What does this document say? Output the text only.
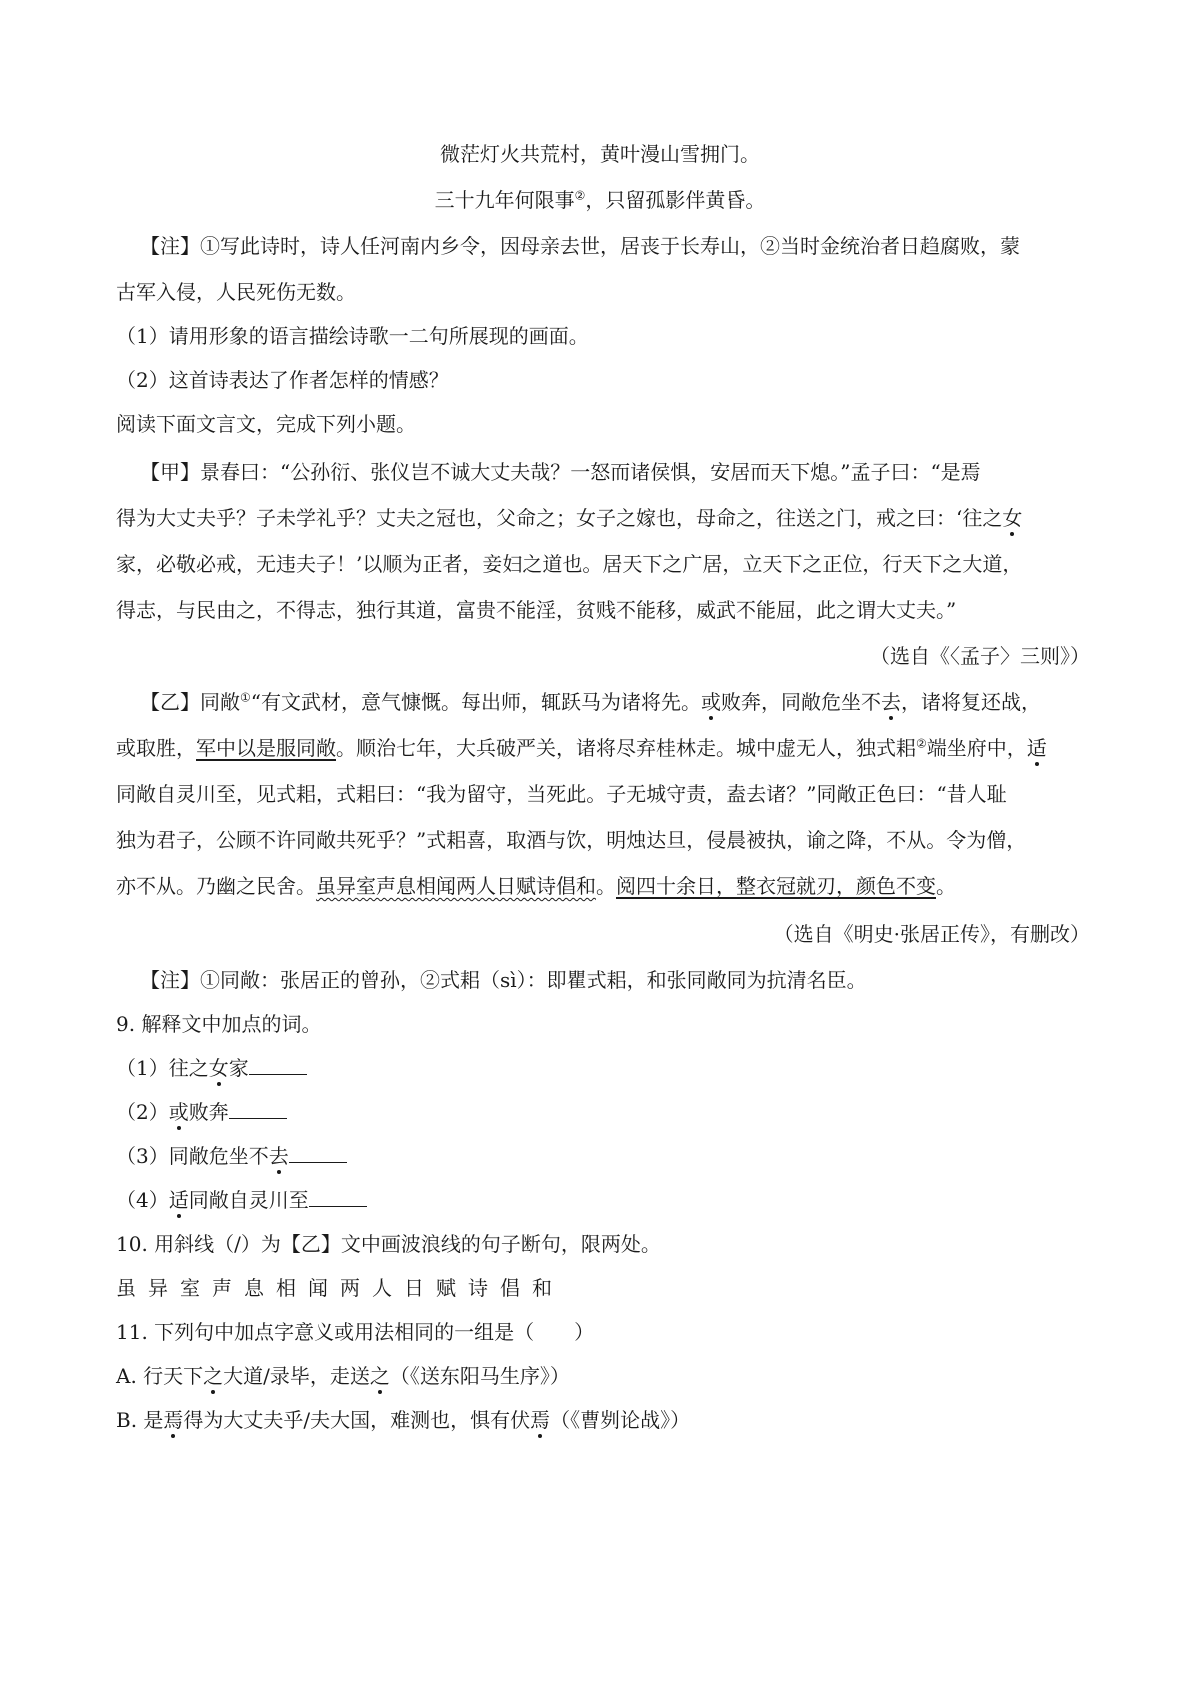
微茫灯火共荒村，黄叶漫山雪拥门。
三十九年何限事②，只留孤影伴黄昏。
【注】①写此诗时，诗人任河南内乡令，因母亲去世，居丧于长寿山，②当时金统治者日趋腐败，蒙
古军入侵，人民死伤无数。
（1）请用形象的语言描绘诗歌一二句所展现的画面。
（2）这首诗表达了作者怎样的情感？
阅读下面文言文，完成下列小题。
【甲】景春曰：“公孙衍、张仪岂不诚大丈夫哉？一怒而诸侯惧，安居而天下熄。”孟子曰：“是焉
得为大丈夫乎？子未学礼乎？丈夫之冠也，父命之；女子之嫁也，母命之，往送之门，戒之曰：‘往之女
家，必敬必戒，无违夫子！’以顺为正者，妾妇之道也。居天下之广居，立天下之正位，行天下之大道，
得志，与民由之，不得志，独行其道，富贵不能淫，贫贱不能移，威武不能屈，此之谓大丈夫。”
（选自《〈孟子〉三则》）
【乙】同敞①“有文武材，意气慷慨。每出师，辄跃马为诸将先。或败奔，同敞危坐不去，诸将复还战，
或取胜，军中以是服同敞。顺治七年，大兵破严关，诸将尽弃桂林走。城中虚无人，独式耜②端坐府中，适
同敞自灵川至，见式耜，式耜曰：“我为留守，当死此。子无城守责，盍去诸？”同敞正色曰：“昔人耻
独为君子，公顾不许同敞共死乎？”式耜喜，取酒与饮，明烛达旦，侵晨被执，谕之降，不从。令为僧，
亦不从。乃幽之民舍。虽异室声息相闻两人日赋诗倡和。阅四十余日，整衣冠就刃，颜色不变。
（选自《明史·张居正传》，有删改）
【注】①同敞：张居正的曾孙，②式耜（sì）：即瞿式耜，和张同敞同为抗清名臣。
9. 解释文中加点的词。
（1）往之女家
（2）或败奔
（3）同敞危坐不去
（4）适同敞自灵川至
10. 用斜线（/）为【乙】文中画波浪线的句子断句，限两处。
虽异室声息相闻两人日赋诗倡和
11. 下列句中加点字意义或用法相同的一组是（　　）
A. 行天下之大道/录毕，走送之（《送东阳马生序》）
B. 是焉得为大丈夫乎/夫大国，难测也，惧有伏焉（《曹刿论战》）
